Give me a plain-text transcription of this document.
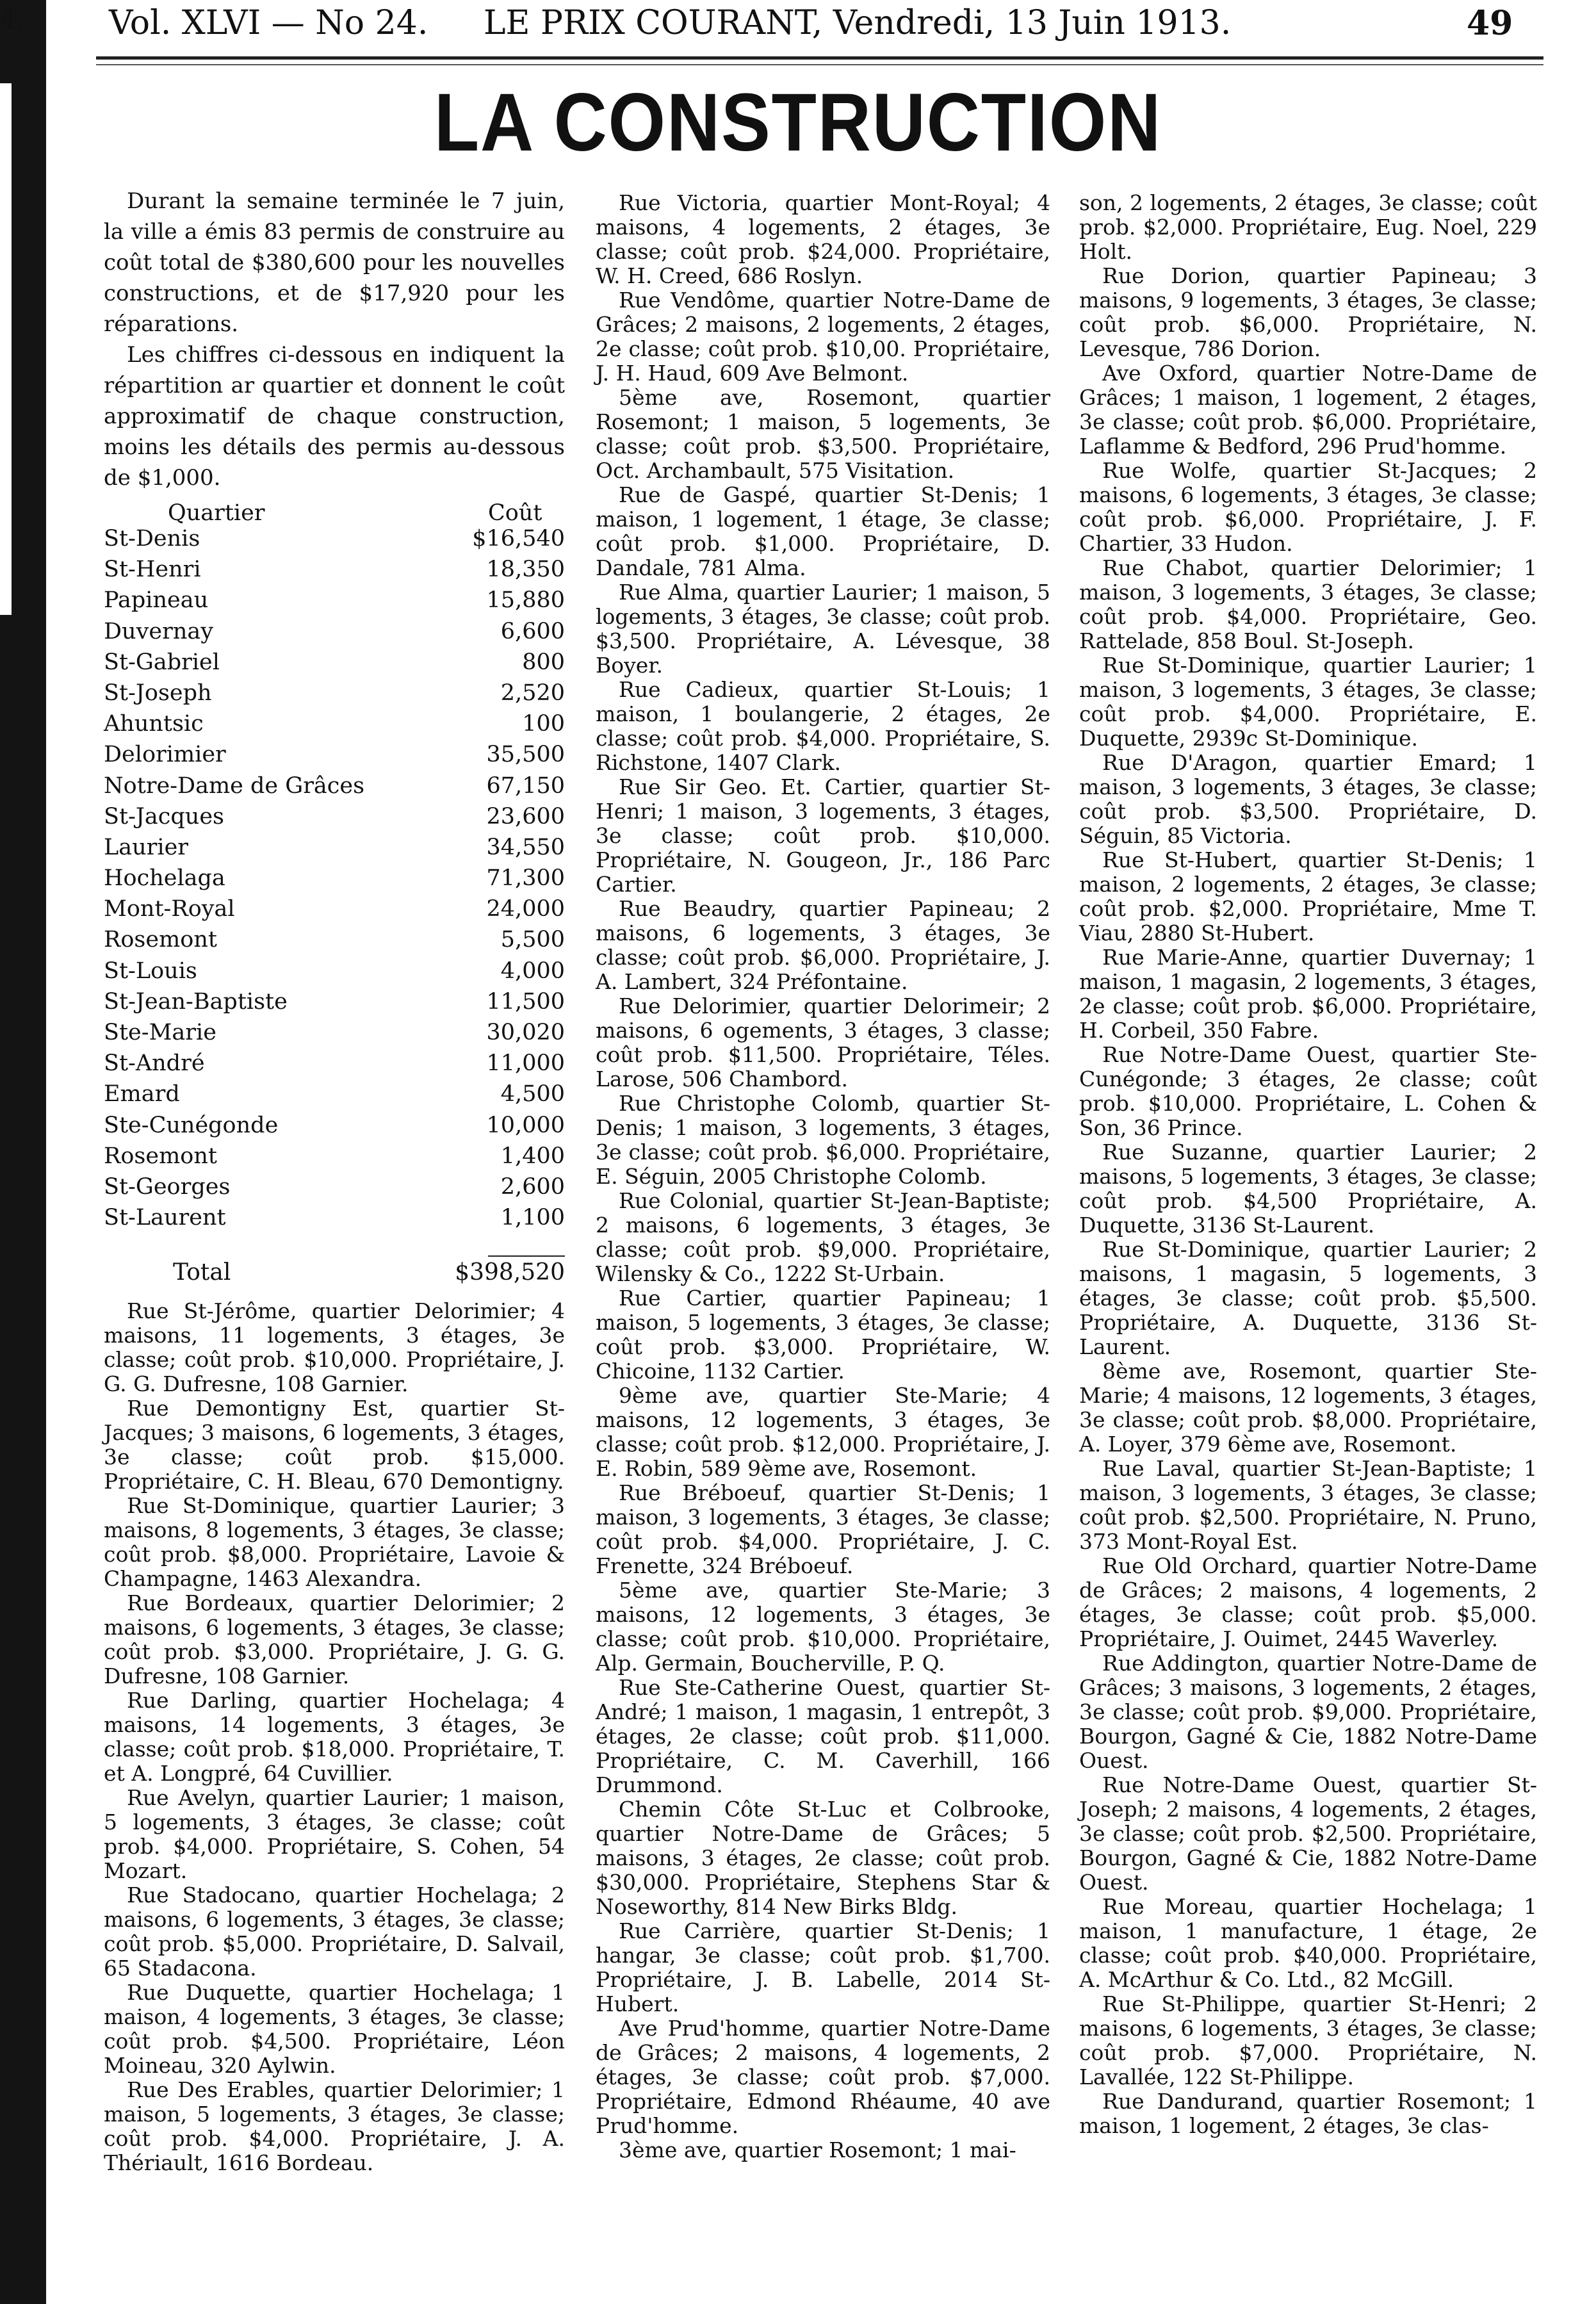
4.	Vol. XLVI — No 24. LE PRIX COURANT, Vendredi, 13 Juin 1913.	49
LA CONSTRUCTION

Durant la semaine terminée le 7 juin, la ville a émis 83 permis de construire au coût total de $380,600 pour les nouvelles constructions, et de $17,920 pour les réparations.

Les chiffres ci-dessous en indiquent la répartition ar quartier et donnent le coût approximatif de chaque construction, moins les détails des permis au-dessous de $1,000.

Quartier	Coût
St-Denis	$16,540
St-Henri	18,350
Papineau	15,880
Duvernay	6,600
St-Gabriel	800
St-Joseph	2,520
Ahuntsic	100
Delorimier	35,500
Notre-Dame de Grâces	67,150
St-Jacques	23,600
Laurier	34,550
Hochelaga	71,300
Mont-Royal	24,000
Rosemont	5,500
St-Louis	4,000
St-Jean-Baptiste	11,500
Ste-Marie	30,020
St-André	11,000
Emard	4,500
Ste-Cunégonde	10,000
Rosemont	1,400
St-Georges	2,600
St-Laurent	1,100
Total	$398,520

Rue St-Jérôme, quartier Delorimier; 4 maisons, 11 logements, 3 étages, 3e classe; coût prob. $10,000. Propriétaire, J. G. G. Dufresne, 108 Garnier.

Rue Demontigny Est, quartier St-Jacques; 3 maisons, 6 logements, 3 étages, 3e classe; coût prob. $15,000. Propriétaire, C. H. Bleau, 670 Demontigny.

Rue St-Dominique, quartier Laurier; 3 maisons, 8 logements, 3 étages, 3e classe; coût prob. $8,000. Propriétaire, Lavoie & Champagne, 1463 Alexandra.

Rue Bordeaux, quartier Delorimier; 2 maisons, 6 logements, 3 étages, 3e classe; coût prob. $3,000. Propriétaire, J. G. G. Dufresne, 108 Garnier.

Rue Darling, quartier Hochelaga; 4 maisons, 14 logements, 3 étages, 3e classe; coût prob. $18,000. Propriétaire, T. et A. Longpré, 64 Cuvillier.

Rue Avelyn, quartier Laurier; 1 maison, 5 logements, 3 étages, 3e classe; coût prob. $4,000. Propriétaire, S. Cohen, 54 Mozart.

Rue Stadocano, quartier Hochelaga; 2 maisons, 6 logements, 3 étages, 3e classe; coût prob. $5,000. Propriétaire, D. Salvail, 65 Stadacona.

Rue Duquette, quartier Hochelaga; 1 maison, 4 logements, 3 étages, 3e classe; coût prob. $4,500. Propriétaire, Léon Moineau, 320 Aylwin.

Rue Des Erables, quartier Delorimier; 1 maison, 5 logements, 3 étages, 3e classe; coût prob. $4,000. Propriétaire, J. A. Thériault, 1616 Bordeau.

Rue Victoria, quartier Mont-Royal; 4 maisons, 4 logements, 2 étages, 3e classe; coût prob. $24,000. Propriétaire, W. H. Creed, 686 Roslyn.

Rue Vendôme, quartier Notre-Dame de Grâces; 2 maisons, 2 logements, 2 étages, 2e classe; coût prob. $10,00. Propriétaire, J. H. Haud, 609 Ave Belmont.

5ème ave, Rosemont, quartier Rosemont; 1 maison, 5 logements, 3e classe; coût prob. $3,500. Propriétaire, Oct. Archambault, 575 Visitation.

Rue de Gaspé, quartier St-Denis; 1 maison, 1 logement, 1 étage, 3e classe; coût prob. $1,000. Propriétaire, D. Dandale, 781 Alma.

Rue Alma, quartier Laurier; 1 maison, 5 logements, 3 étages, 3e classe; coût prob. $3,500. Propriétaire, A. Lévesque, 38 Boyer.

Rue Cadieux, quartier St-Louis; 1 maison, 1 boulangerie, 2 étages, 2e classe; coût prob. $4,000. Propriétaire, S. Richstone, 1407 Clark.

Rue Sir Geo. Et. Cartier, quartier St-Henri; 1 maison, 3 logements, 3 étages, 3e classe; coût prob. $10,000. Propriétaire, N. Gougeon, Jr., 186 Parc Cartier.

Rue Beaudry, quartier Papineau; 2 maisons, 6 logements, 3 étages, 3e classe; coût prob. $6,000. Propriétaire, J. A. Lambert, 324 Préfontaine.

Rue Delorimier, quartier Delorimeir; 2 maisons, 6 ogements, 3 étages, 3 classe; coût prob. $11,500. Propriétaire, Téles. Larose, 506 Chambord.

Rue Christophe Colomb, quartier St-Denis; 1 maison, 3 logements, 3 étages, 3e classe; coût prob. $6,000. Propriétaire, E. Séguin, 2005 Christophe Colomb.

Rue Colonial, quartier St-Jean-Baptiste; 2 maisons, 6 logements, 3 étages, 3e classe; coût prob. $9,000. Propriétaire, Wilensky & Co., 1222 St-Urbain.

Rue Cartier, quartier Papineau; 1 maison, 5 logements, 3 étages, 3e classe; coût prob. $3,000. Propriétaire, W. Chicoine, 1132 Cartier.

9ème ave, quartier Ste-Marie; 4 maisons, 12 logements, 3 étages, 3e classe; coût prob. $12,000. Propriétaire, J. E. Robin, 589 9ème ave, Rosemont.

Rue Bréboeuf, quartier St-Denis; 1 maison, 3 logements, 3 étages, 3e classe; coût prob. $4,000. Propriétaire, J. C. Frenette, 324 Bréboeuf.

5ème ave, quartier Ste-Marie; 3 maisons, 12 logements, 3 étages, 3e classe; coût prob. $10,000. Propriétaire, Alp. Germain, Boucherville, P. Q.

Rue Ste-Catherine Ouest, quartier St-André; 1 maison, 1 magasin, 1 entrepôt, 3 étages, 2e classe; coût prob. $11,000. Propriétaire, C. M. Caverhill, 166 Drummond.

Chemin Côte St-Luc et Colbrooke, quartier Notre-Dame de Grâces; 5 maisons, 3 étages, 2e classe; coût prob. $30,000. Propriétaire, Stephens Star & Noseworthy, 814 New Birks Bldg.

Rue Carrière, quartier St-Denis; 1 hangar, 3e classe; coût prob. $1,700. Propriétaire, J. B. Labelle, 2014 St-Hubert.

Ave Prud'homme, quartier Notre-Dame de Grâces; 2 maisons, 4 logements, 2 étages, 3e classe; coût prob. $7,000. Propriétaire, Edmond Rhéaume, 40 ave Prud'homme.

3ème ave, quartier Rosemont; 1 mai-

son, 2 logements, 2 étages, 3e classe; coût prob. $2,000. Propriétaire, Eug. Noel, 229 Holt.

Rue Dorion, quartier Papineau; 3 maisons, 9 logements, 3 étages, 3e classe; coût prob. $6,000. Propriétaire, N. Levesque, 786 Dorion.

Ave Oxford, quartier Notre-Dame de Grâces; 1 maison, 1 logement, 2 étages, 3e classe; coût prob. $6,000. Propriétaire, Laflamme & Bedford, 296 Prud'homme.

Rue Wolfe, quartier St-Jacques; 2 maisons, 6 logements, 3 étages, 3e classe; coût prob. $6,000. Propriétaire, J. F. Chartier, 33 Hudon.

Rue Chabot, quartier Delorimier; 1 maison, 3 logements, 3 étages, 3e classe; coût prob. $4,000. Propriétaire, Geo. Rattelade, 858 Boul. St-Joseph.

Rue St-Dominique, quartier Laurier; 1 maison, 3 logements, 3 étages, 3e classe; coût prob. $4,000. Propriétaire, E. Duquette, 2939c St-Dominique.

Rue D'Aragon, quartier Emard; 1 maison, 3 logements, 3 étages, 3e classe; coût prob. $3,500. Propriétaire, D. Séguin, 85 Victoria.

Rue St-Hubert, quartier St-Denis; 1 maison, 2 logements, 2 étages, 3e classe; coût prob. $2,000. Propriétaire, Mme T. Viau, 2880 St-Hubert.

Rue Marie-Anne, quartier Duvernay; 1 maison, 1 magasin, 2 logements, 3 étages, 2e classe; coût prob. $6,000. Propriétaire, H. Corbeil, 350 Fabre.

Rue Notre-Dame Ouest, quartier Ste-Cunégonde; 3 étages, 2e classe; coût prob. $10,000. Propriétaire, L. Cohen & Son, 36 Prince.

Rue Suzanne, quartier Laurier; 2 maisons, 5 logements, 3 étages, 3e classe; coût prob. $4,500 Propriétaire, A. Duquette, 3136 St-Laurent.

Rue St-Dominique, quartier Laurier; 2 maisons, 1 magasin, 5 logements, 3 étages, 3e classe; coût prob. $5,500. Propriétaire, A. Duquette, 3136 St-Laurent.

8ème ave, Rosemont, quartier Ste-Marie; 4 maisons, 12 logements, 3 étages, 3e classe; coût prob. $8,000. Propriétaire, A. Loyer, 379 6ème ave, Rosemont.

Rue Laval, quartier St-Jean-Baptiste; 1 maison, 3 logements, 3 étages, 3e classe; coût prob. $2,500. Propriétaire, N. Pruno, 373 Mont-Royal Est.

Rue Old Orchard, quartier Notre-Dame de Grâces; 2 maisons, 4 logements, 2 étages, 3e classe; coût prob. $5,000. Propriétaire, J. Ouimet, 2445 Waverley.

Rue Addington, quartier Notre-Dame de Grâces; 3 maisons, 3 logements, 2 étages, 3e classe; coût prob. $9,000. Propriétaire, Bourgon, Gagné & Cie, 1882 Notre-Dame Ouest.

Rue Notre-Dame Ouest, quartier St-Joseph; 2 maisons, 4 logements, 2 étages, 3e classe; coût prob. $2,500. Propriétaire, Bourgon, Gagné & Cie, 1882 Notre-Dame Ouest.

Rue Moreau, quartier Hochelaga; 1 maison, 1 manufacture, 1 étage, 2e classe; coût prob. $40,000. Propriétaire, A. McArthur & Co. Ltd., 82 McGill.

Rue St-Philippe, quartier St-Henri; 2 maisons, 6 logements, 3 étages, 3e classe; coût prob. $7,000. Propriétaire, N. Lavallée, 122 St-Philippe.

Rue Dandurand, quartier Rosemont; 1 maison, 1 logement, 2 étages, 3e clas-
